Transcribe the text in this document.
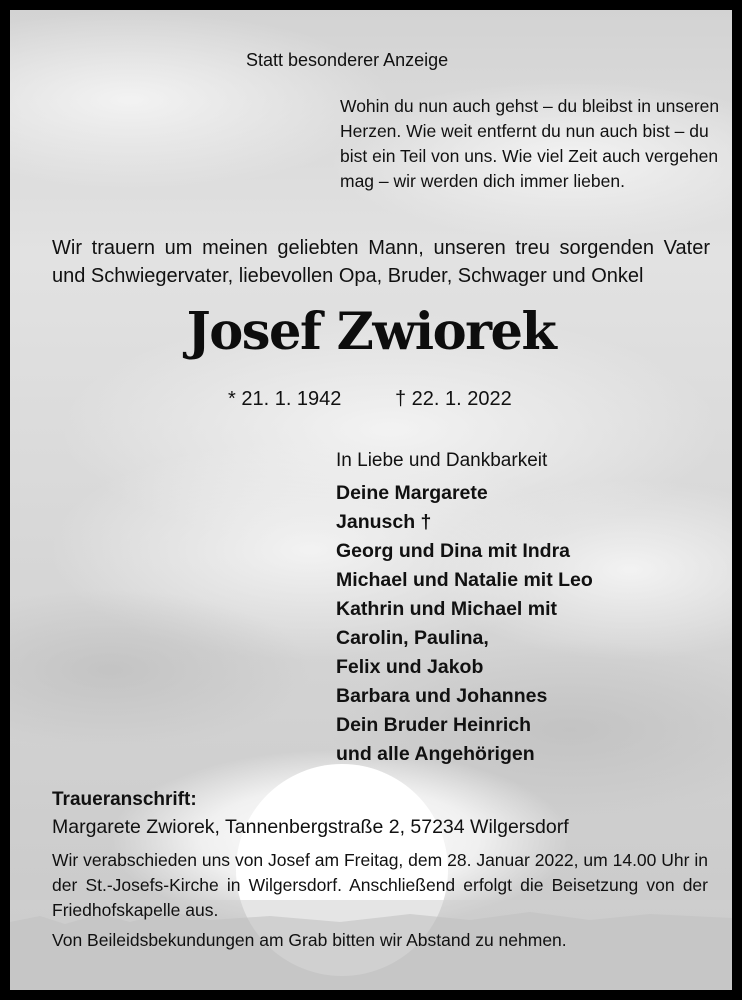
Statt besonderer Anzeige
Wohin du nun auch gehst – du bleibst in unseren Herzen. Wie weit entfernt du nun auch bist – du bist ein Teil von uns. Wie viel Zeit auch vergehen mag – wir werden dich immer lieben.
Wir trauern um meinen geliebten Mann, unseren treu sorgenden Vater und Schwiegervater, liebevollen Opa, Bruder, Schwager und Onkel
Josef Zwiorek
* 21. 1. 1942	† 22. 1. 2022
In Liebe und Dankbarkeit
Deine Margarete
Janusch †
Georg und Dina mit Indra
Michael und Natalie mit Leo
Kathrin und Michael mit
Carolin, Paulina,
Felix und Jakob
Barbara und Johannes
Dein Bruder Heinrich
und alle Angehörigen
Traueranschrift:
Margarete Zwiorek, Tannenbergstraße 2, 57234 Wilgersdorf
Wir verabschieden uns von Josef am Freitag, dem 28. Januar 2022, um 14.00 Uhr in der St.-Josefs-Kirche in Wilgersdorf. Anschließend erfolgt die Beisetzung von der Friedhofskapelle aus.
Von Beileidsbekundungen am Grab bitten wir Abstand zu nehmen.
